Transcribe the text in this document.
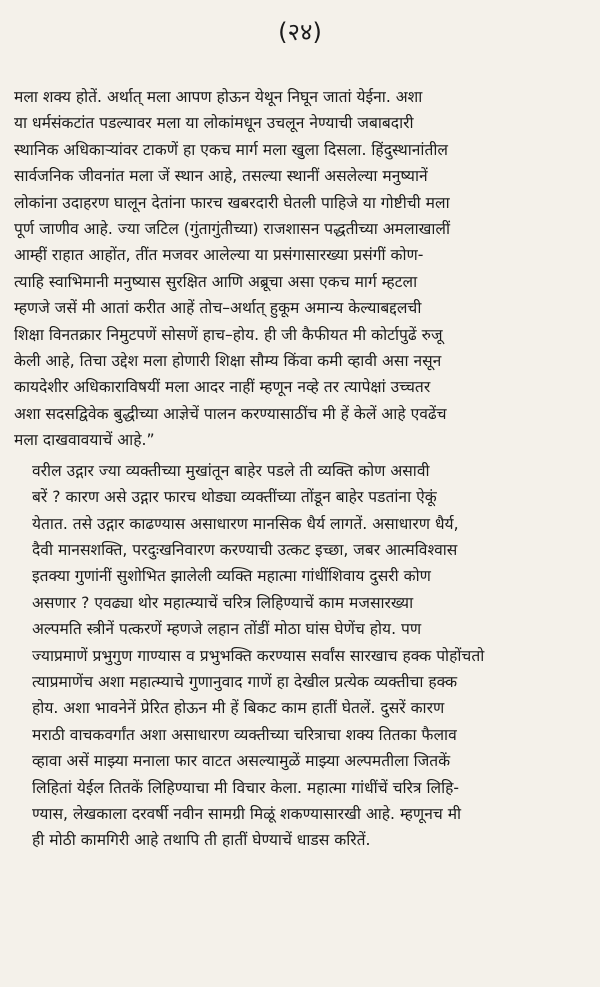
(२४)
मला शक्य होतें. अर्थात् मला आपण होऊन येथून निघून जातां येईना. अशा
या धर्मसंकटांत पडल्यावर मला या लोकांमधून उचलून नेण्याची जबाबदारी
स्थानिक अधिकाऱ्यांवर टाकणें हा एकच मार्ग मला खुला दिसला. हिंदुस्थानांतील
सार्वजनिक जीवनांत मला जें स्थान आहे, तसल्या स्थानीं असलेल्या मनुष्यानें
लोकांना उदाहरण घालून देतांना फारच खबरदारी घेतली पाहिजे या गोष्टीची मला
पूर्ण जाणीव आहे. ज्या जटिल (गुंतागुंतीच्या) राजशासन पद्धतीच्या अमलाखालीं
आम्हीं राहात आहोंत, तींत मजवर आलेल्या या प्रसंगासारख्या प्रसंगीं कोण-
त्याहि स्वाभिमानी मनुष्यास सुरक्षित आणि अब्रूचा असा एकच मार्ग म्हटला
म्हणजे जसें मी आतां करीत आहें तोच–अर्थात् हुकूम अमान्य केल्याबद्दलची
शिक्षा विनतक्रार निमुटपणें सोसणें हाच–होय. ही जी कैफीयत मी कोर्टापुढें रुजू
केली आहे, तिचा उद्देश मला होणारी शिक्षा सौम्य किंवा कमी व्हावी असा नसून
कायदेशीर अधिकाराविषयीं मला आदर नाहीं म्हणून नव्हे तर त्यापेक्षां उच्चतर
अशा सदसद्विवेक बुद्धीच्या आज्ञेचें पालन करण्यासाठींच मी हें केलें आहे एवढेंच
मला दाखवावयाचें आहे.”
वरील उद्गार ज्या व्यक्तीच्या मुखांतून बाहेर पडले ती व्यक्ति कोण असावी
बरें ? कारण असे उद्गार फारच थोड्या व्यक्तींच्या तोंडून बाहेर पडतांना ऐकूं
येतात. तसे उद्गार काढण्यास असाधारण मानसिक धैर्य लागतें. असाधारण धैर्य,
दैवी मानसशक्ति, परदुःखनिवारण करण्याची उत्कट इच्छा, जबर आत्मविश्वास
इतक्या गुणांनीं सुशोभित झालेली व्यक्ति महात्मा गांधींशिवाय दुसरी कोण
असणार ? एवढ्या थोर महात्म्याचें चरित्र लिहिण्याचें काम मजसारख्या
अल्पमति स्त्रीनें पत्करणें म्हणजे लहान तोंडीं मोठा घांस घेणेंच होय. पण
ज्याप्रमाणें प्रभुगुण गाण्यास व प्रभुभक्ति करण्यास सर्वांस सारखाच हक्क पोहोंचतो
त्याप्रमाणेंच अशा महात्म्याचे गुणानुवाद गाणें हा देखील प्रत्येक व्यक्तीचा हक्क
होय. अशा भावनेनें प्रेरित होऊन मी हें बिकट काम हातीं घेतलें. दुसरें कारण
मराठी वाचकवर्गांत अशा असाधारण व्यक्तीच्या चरित्राचा शक्य तितका फैलाव
व्हावा असें माझ्या मनाला फार वाटत असल्यामुळें माझ्या अल्पमतीला जितकें
लिहितां येईल तितकें लिहिण्याचा मी विचार केला. महात्मा गांधींचें चरित्र लिहि-
ण्यास, लेखकाला दरवर्षी नवीन सामग्री मिळूं शकण्यासारखी आहे. म्हणूनच मी
ही मोठी कामगिरी आहे तथापि ती हातीं घेण्याचें धाडस करितें.
